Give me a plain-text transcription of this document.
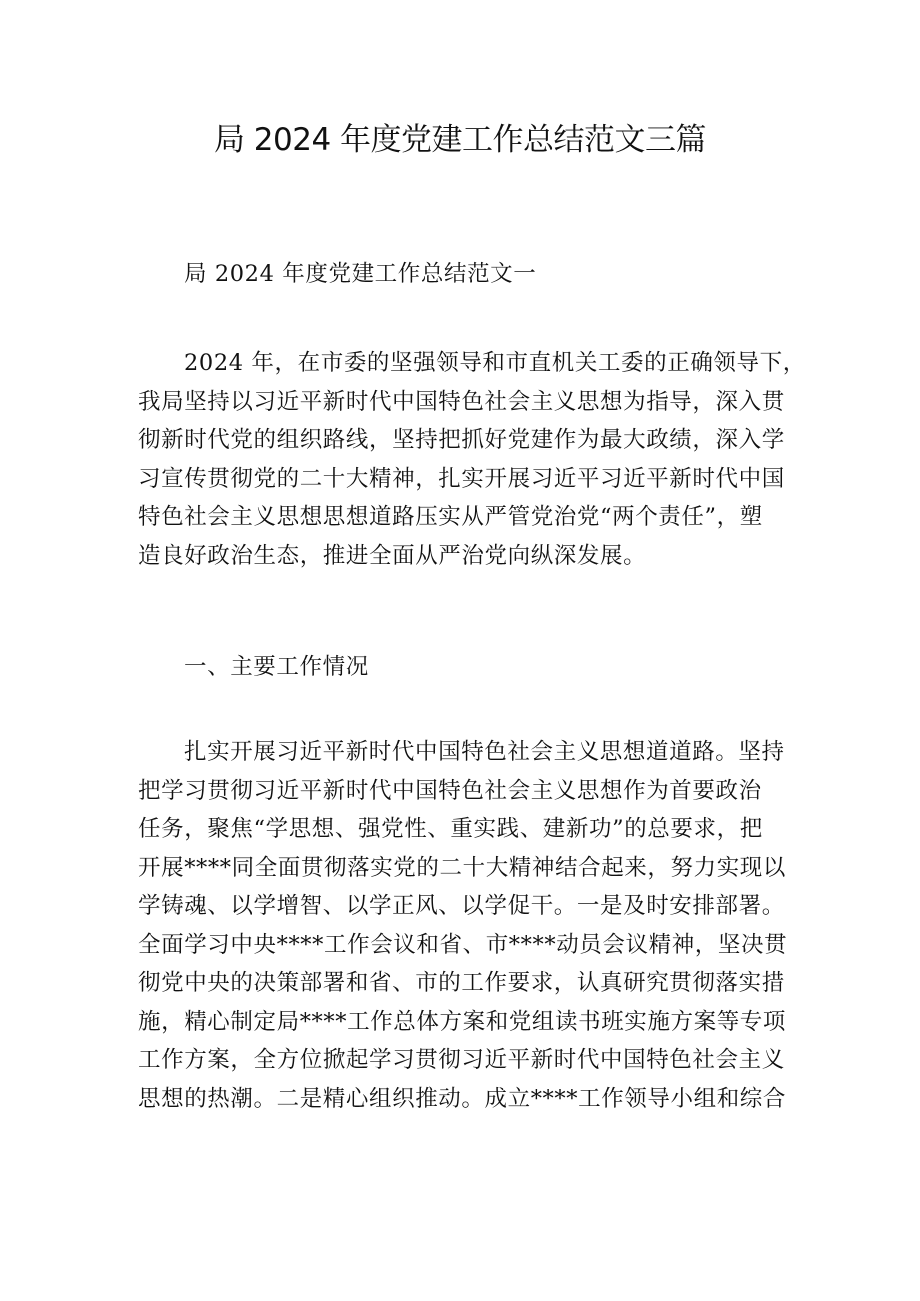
局 2024 年度党建工作总结范文三篇

局 2024 年度党建工作总结范文一

2024 年，在市委的坚强领导和市直机关工委的正确领导下，
我局坚持以习近平新时代中国特色社会主义思想为指导，深入贯
彻新时代党的组织路线，坚持把抓好党建作为最大政绩，深入学
习宣传贯彻党的二十大精神，扎实开展习近平习近平新时代中国
特色社会主义思想思想道路压实从严管党治党“两个责任”，塑
造良好政治生态，推进全面从严治党向纵深发展。

一、主要工作情况

扎实开展习近平新时代中国特色社会主义思想道道路。坚持
把学习贯彻习近平新时代中国特色社会主义思想作为首要政治
任务，聚焦“学思想、强党性、重实践、建新功”的总要求，把
开展****同全面贯彻落实党的二十大精神结合起来，努力实现以
学铸魂、以学增智、以学正风、以学促干。一是及时安排部署。
全面学习中央****工作会议和省、市****动员会议精神，坚决贯
彻党中央的决策部署和省、市的工作要求，认真研究贯彻落实措
施，精心制定局****工作总体方案和党组读书班实施方案等专项
工作方案，全方位掀起学习贯彻习近平新时代中国特色社会主义
思想的热潮。二是精心组织推动。成立****工作领导小组和综合
